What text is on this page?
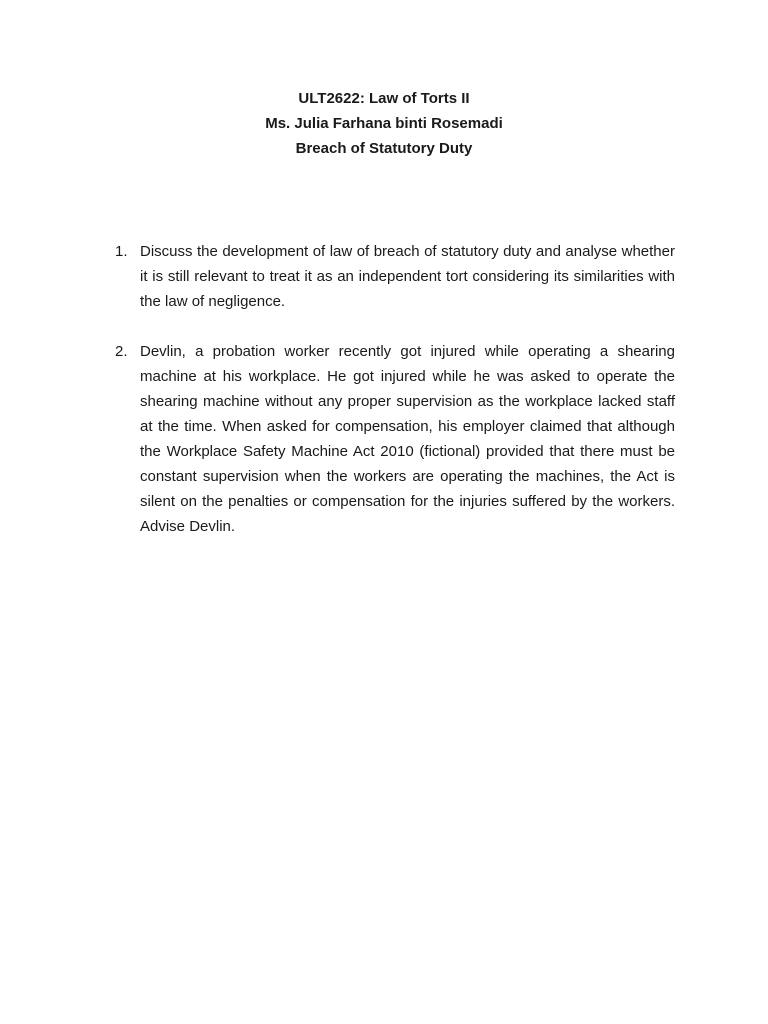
ULT2622: Law of Torts II
Ms. Julia Farhana binti Rosemadi
Breach of Statutory Duty
1. Discuss the development of law of breach of statutory duty and analyse whether it is still relevant to treat it as an independent tort considering its similarities with the law of negligence.
2. Devlin, a probation worker recently got injured while operating a shearing machine at his workplace. He got injured while he was asked to operate the shearing machine without any proper supervision as the workplace lacked staff at the time. When asked for compensation, his employer claimed that although the Workplace Safety Machine Act 2010 (fictional) provided that there must be constant supervision when the workers are operating the machines, the Act is silent on the penalties or compensation for the injuries suffered by the workers. Advise Devlin.
